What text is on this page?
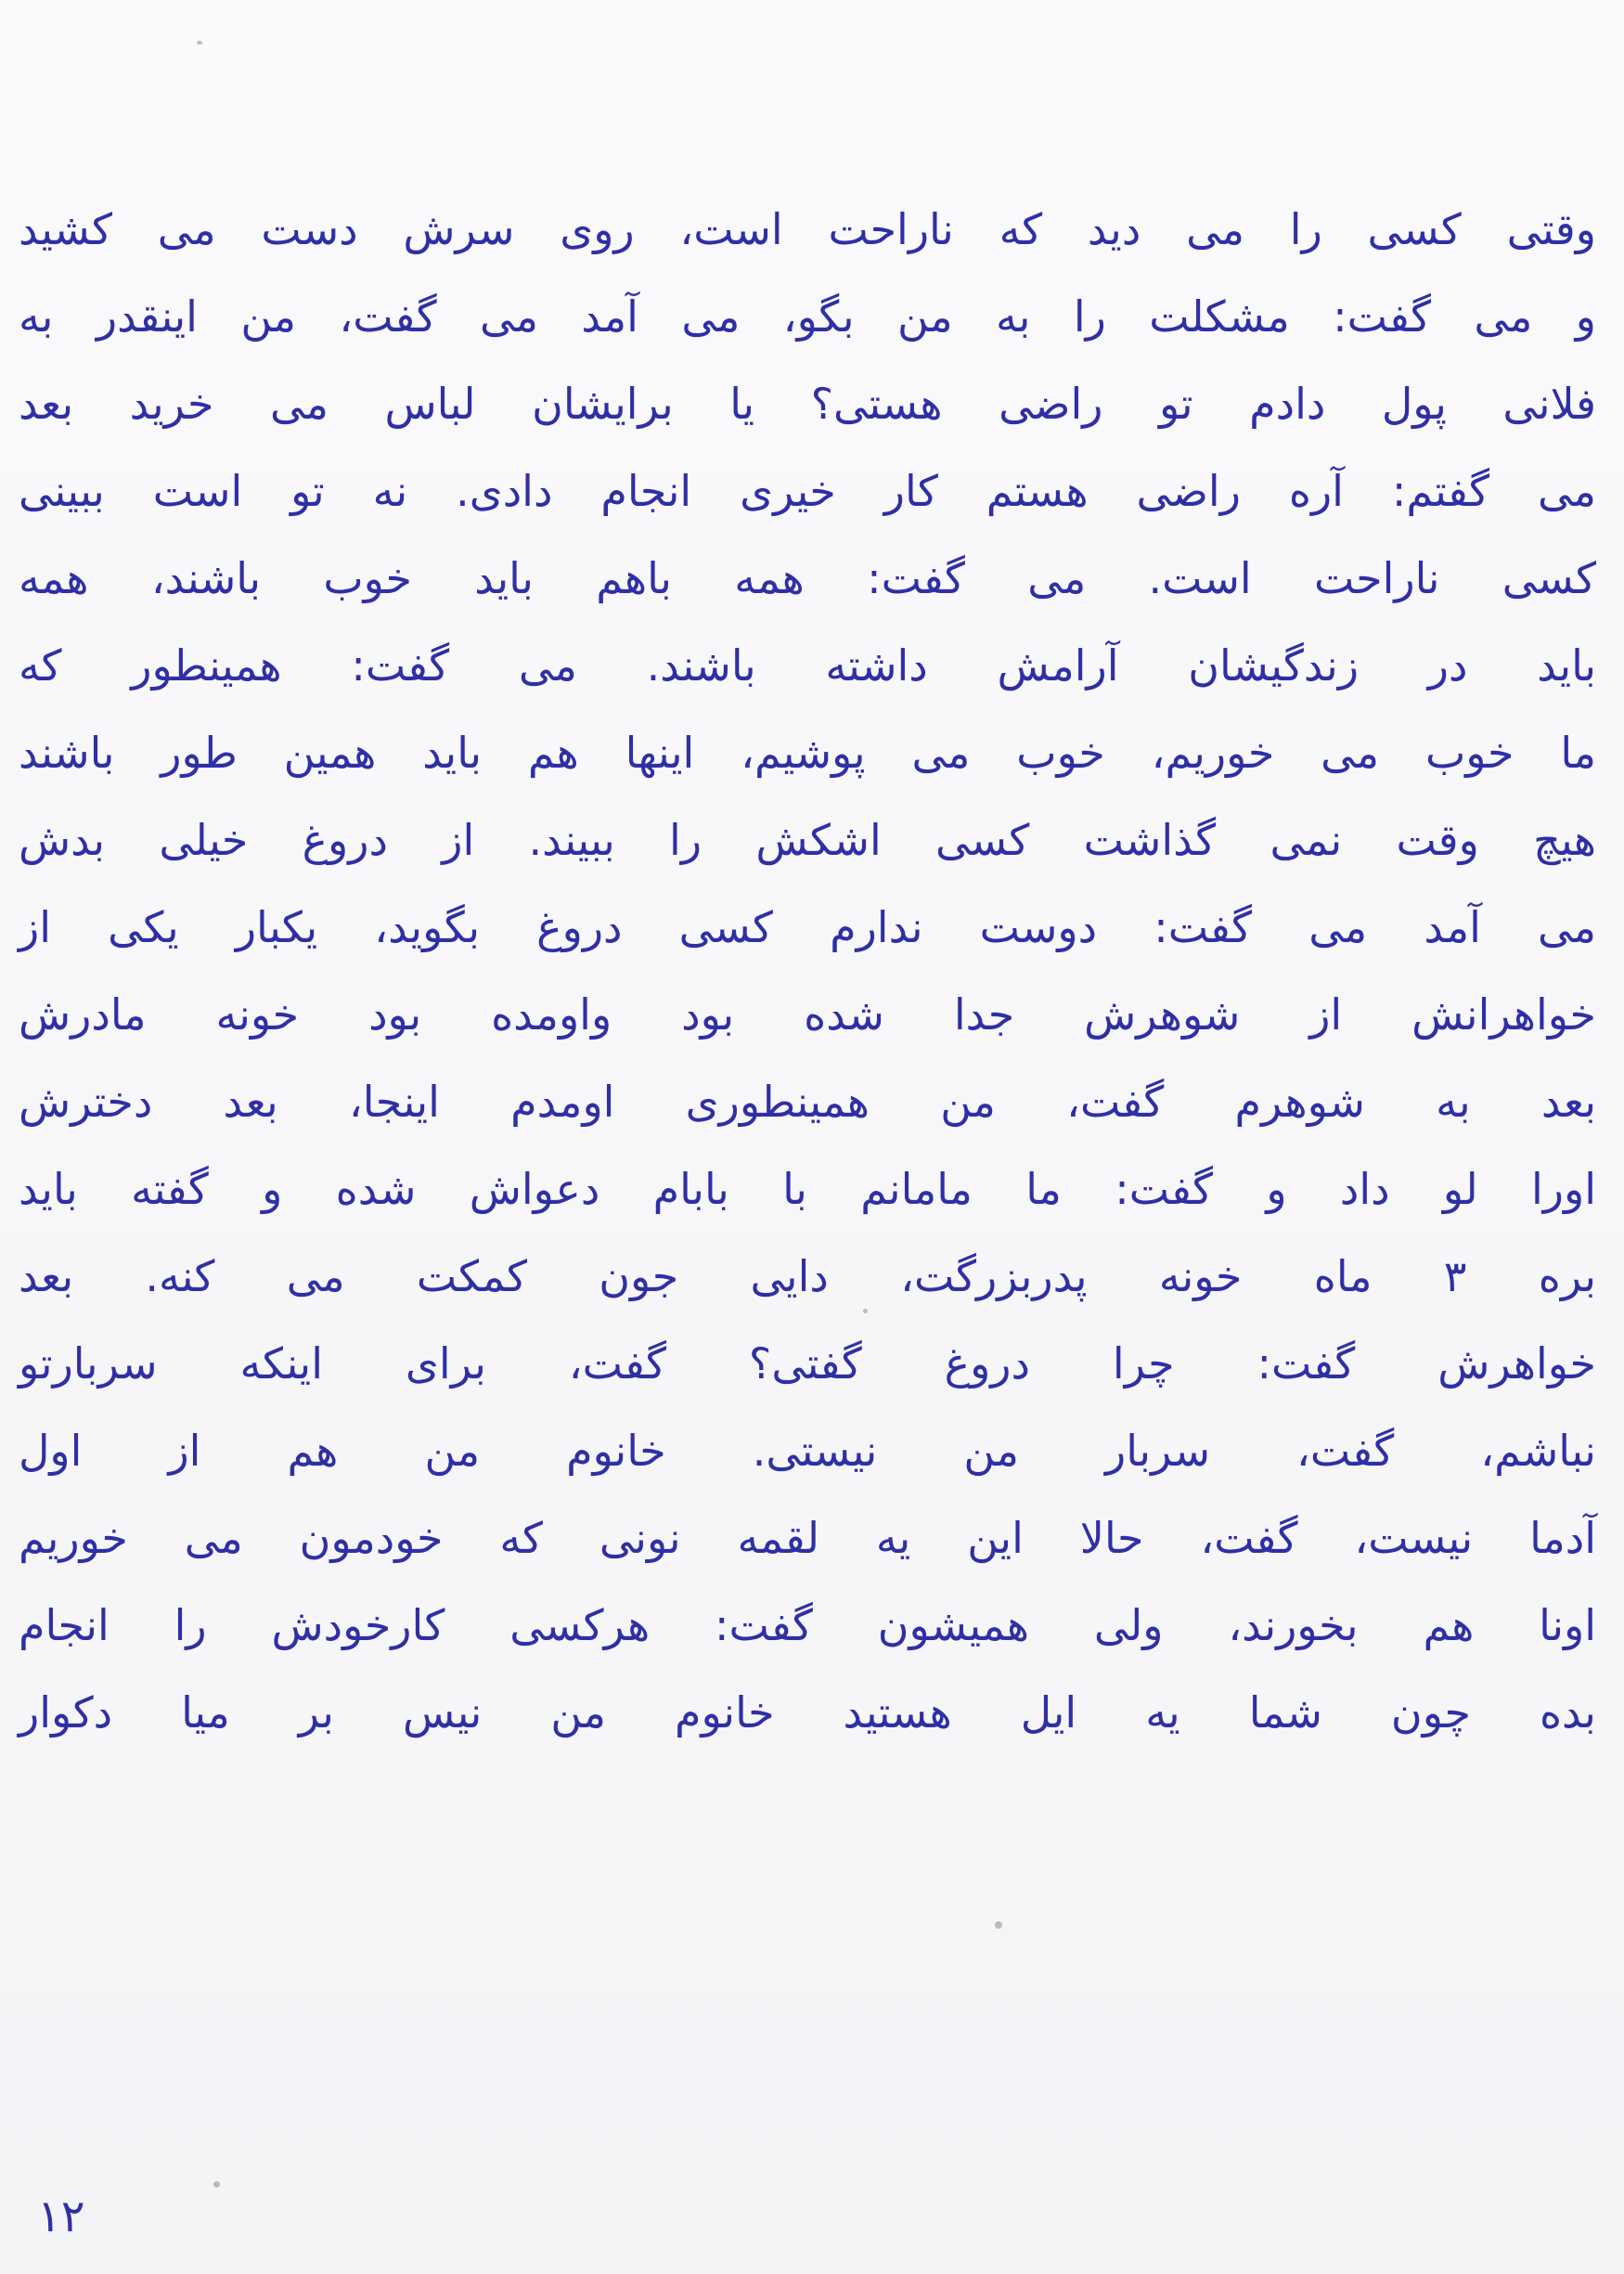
وقتی کسی را می دید که ناراحت است، روی سرش دست می کشید
و می گفت: مشکلت را به من بگو، می آمد می گفت، من اینقدر به
فلانی پول دادم تو راضی هستی؟ یا برایشان لباس می خرید بعد
می گفتم: آره راضی هستم کار خیری انجام دادی. نه تو است ببینی
کسی ناراحت است. می گفت: همه باهم باید خوب باشند، همه
باید در زندگیشان آرامش داشته باشند. می گفت: همینطور که
ما خوب می خوریم، خوب می پوشیم، اینها هم باید همین طور باشند
هیچ وقت نمی گذاشت کسی اشکش را ببیند. از دروغ خیلی بدش
می آمد می گفت: دوست ندارم کسی دروغ بگوید، یکبار یکی از
خواهرانش از شوهرش جدا شده بود واومده بود خونه مادرش
بعد به شوهرم گفت، من همینطوری اومدم اینجا، بعد دخترش
اورا لو داد و گفت: ما مامانم با بابام دعواش شده و گفته باید
بره ۳ ماه خونه پدربزرگت، دایی جون کمکت می کنه. بعد
خواهرش گفت: چرا دروغ گفتی؟ گفت، برای اینکه سربارتو
نباشم، گفت، سربار من نیستی. خانوم من هم از اول
آدما نیست، گفت، حالا این یه لقمه نونی که خودمون می خوریم
اونا هم بخورند، ولی همیشون گفت: هرکسی کارخودش را انجام
بده چون شما یه ایل هستید خانوم من نیس بر میا دکوار
۱۲
